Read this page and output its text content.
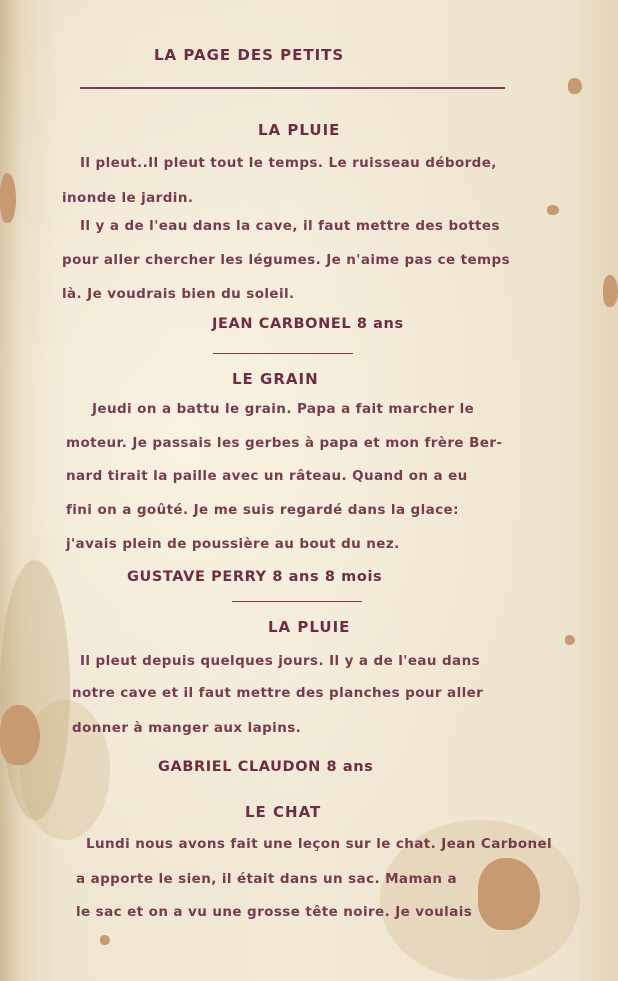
LA PAGE DES PETITS

LA PLUIE

Il pleut..Il pleut tout le temps. Le ruisseau déborde,

inonde le jardin.

Il y a de l'eau dans la cave, il faut mettre des bottes

pour aller chercher les légumes. Je n'aime pas ce temps

là. Je voudrais bien du soleil.

JEAN CARBONEL 8 ans

LE GRAIN

Jeudi on a battu le grain. Papa a fait marcher le

moteur. Je passais les gerbes à papa et mon frère Ber-

nard tirait la paille avec un râteau. Quand on a eu

fini on a goûté. Je me suis regardé dans la glace:

j'avais plein de poussière au bout du nez.

GUSTAVE PERRY 8 ans 8 mois

LA PLUIE

Il pleut depuis quelques jours. Il y a de l'eau dans

notre cave et il faut mettre des planches pour aller

donner à manger aux lapins.

GABRIEL CLAUDON 8 ans

LE CHAT

Lundi nous avons fait une leçon sur le chat. Jean Carbonel

a apporte le sien, il était dans un sac. Maman a

le sac et on a vu une grosse tête noire. Je voulais
